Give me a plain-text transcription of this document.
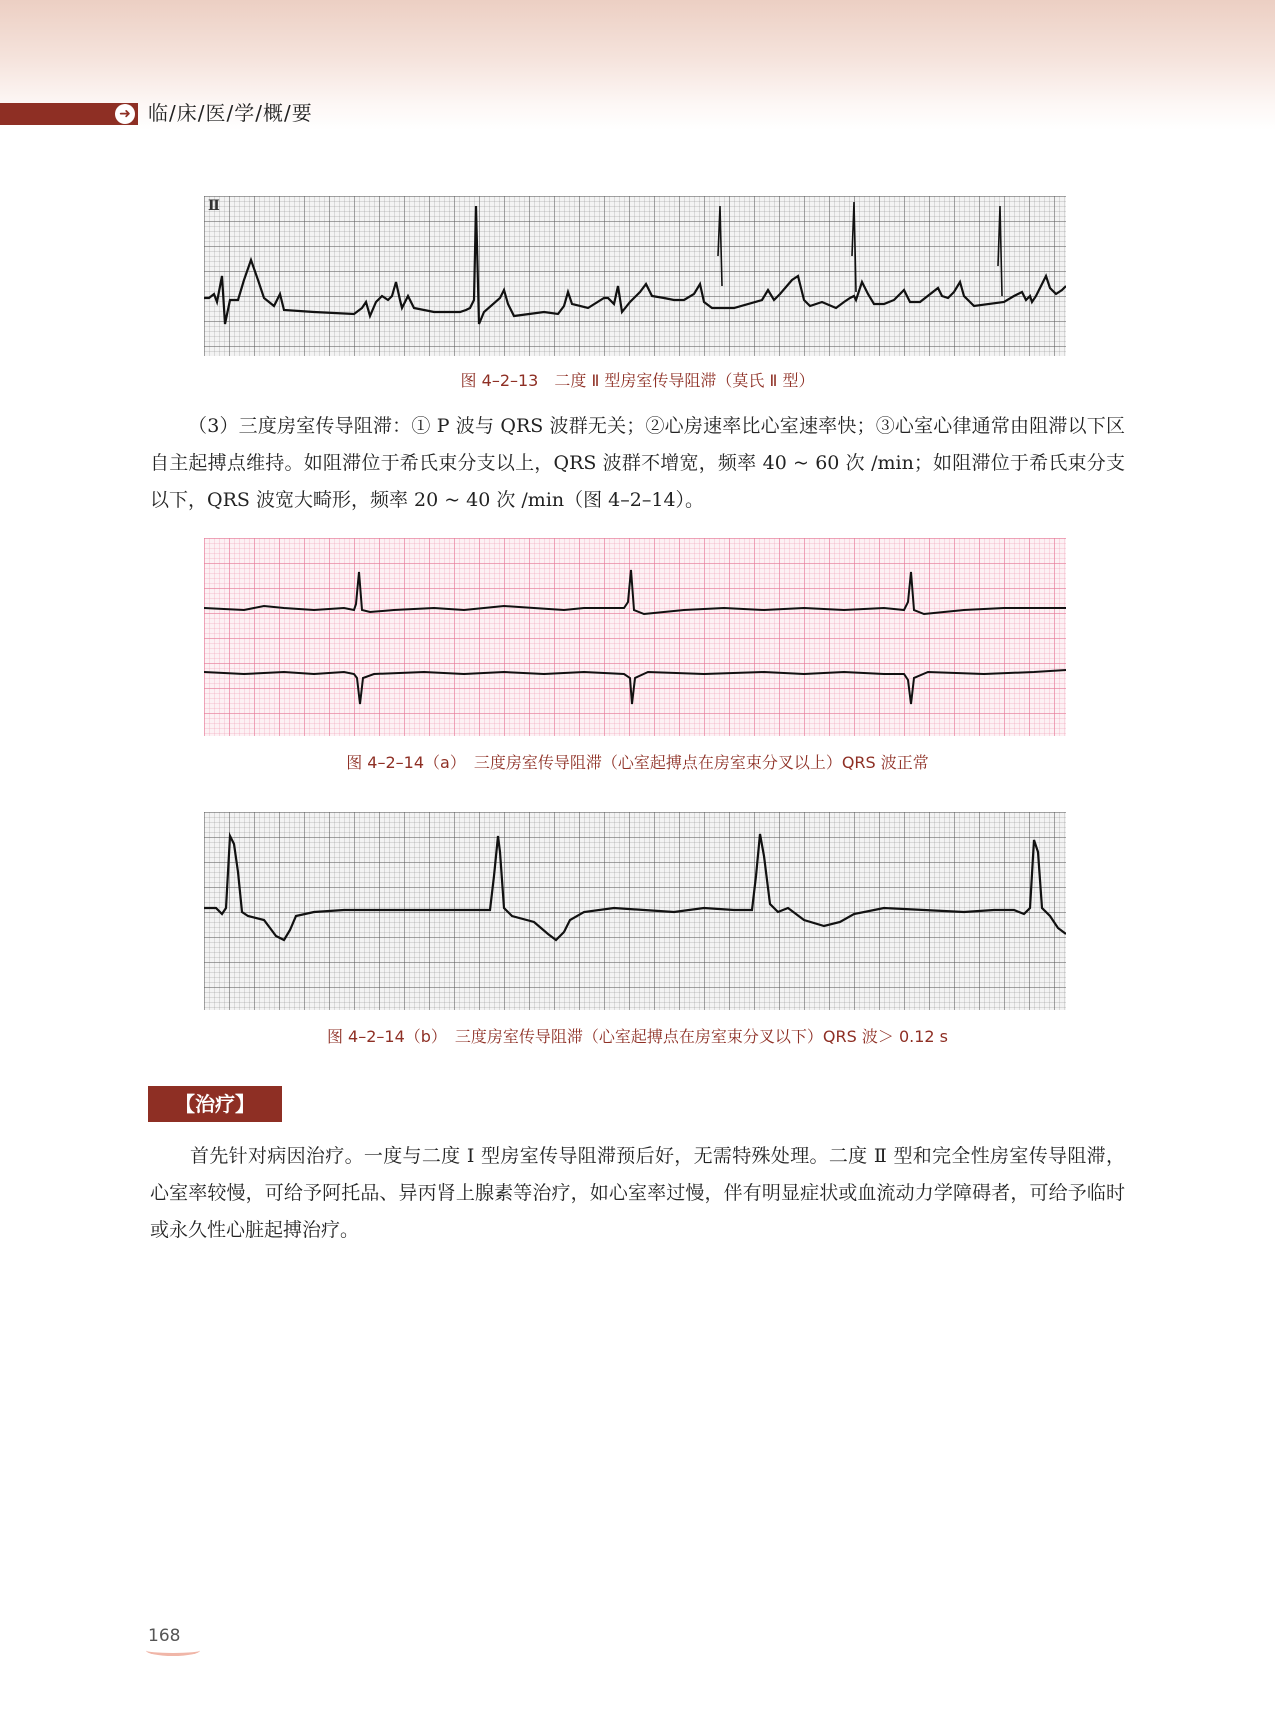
➜ 临/床/医/学/概/要
Ⅱ
图 4–2–13　二度 Ⅱ 型房室传导阻滞（莫氏 Ⅱ 型）

（3）三度房室传导阻滞：① P 波与 QRS 波群无关；②心房速率比心室速率快；③心室心律通常由阻滞以下区自主起搏点维持。如阻滞位于希氏束分支以上，QRS 波群不增宽，频率 40 ~ 60 次 /min；如阻滞位于希氏束分支以下，QRS 波宽大畸形，频率 20 ~ 40 次 /min（图 4–2–14）。

图 4–2–14（a）　三度房室传导阻滞（心室起搏点在房室束分叉以上）QRS 波正常
图 4–2–14（b）　三度房室传导阻滞（心室起搏点在房室束分叉以下）QRS 波＞ 0.12 s
【治疗】

首先针对病因治疗。一度与二度 Ⅰ 型房室传导阻滞预后好，无需特殊处理。二度 Ⅱ 型和完全性房室传导阻滞，心室率较慢，可给予阿托品、异丙肾上腺素等治疗，如心室率过慢，伴有明显症状或血流动力学障碍者，可给予临时或永久性心脏起搏治疗。

168
